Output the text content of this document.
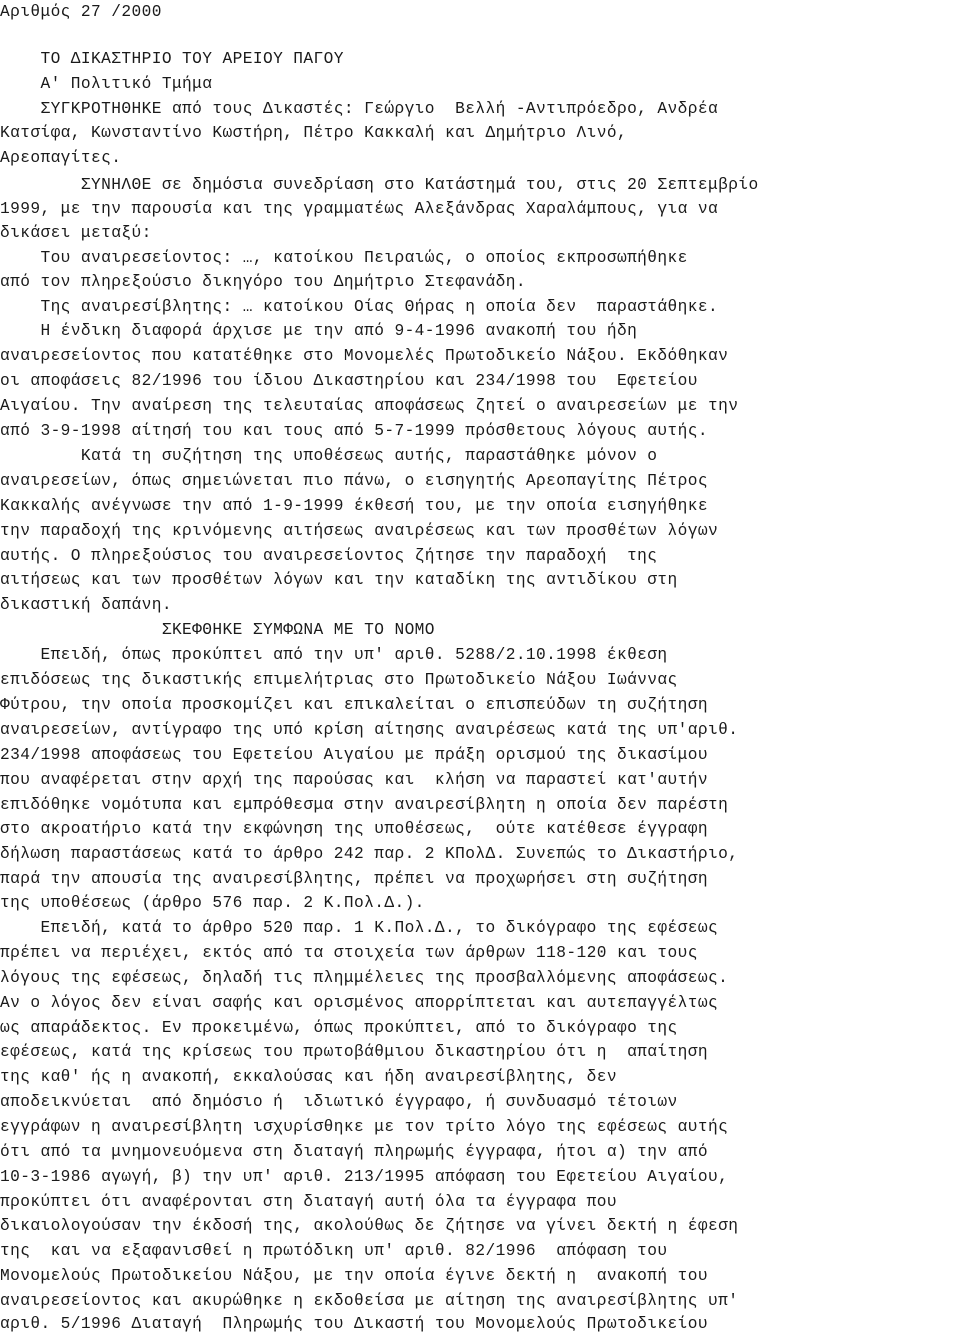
Αριθμός 27 /2000

ΤΟ ΔΙΚΑΣΤΗΡΙΟ ΤΟΥ ΑΡΕΙΟΥ ΠΑΓΟΥ

Α' Πολιτικό Τμήμα

ΣΥΓΚΡΟΤΗΘΗΚΕ από τους Δικαστές: Γεώργιο  Βελλή -Αντιπρόεδρο, Ανδρέα

Κατσίφα, Κωνσταντίνο Κωστήρη, Πέτρο Κακκαλή και Δημήτριο Λινό,

Αρεοπαγίτες.

ΣΥΝΗΛΘΕ σε δημόσια συνεδρίαση στο Κατάστημά του, στις 20 Σεπτεμβρίο

1999, με την παρουσία και της γραμματέως Αλεξάνδρας Χαραλάμπους, για να

δικάσει μεταξύ:

Του αναιρεσείοντος: …, κατοίκου Πειραιώς, ο οποίος εκπροσωπήθηκε

από τον πληρεξούσιο δικηγόρο του Δημήτριο Στεφανάδη.

Της αναιρεσίβλητης: … κατοίκου Οίας Θήρας η οποία δεν  παραστάθηκε.

Η ένδικη διαφορά άρχισε με την από 9-4-1996 ανακοπή του ήδη

αναιρεσείοντος που κατατέθηκε στο Μονομελές Πρωτοδικείο Νάξου. Εκδόθηκαν

οι αποφάσεις 82/1996 του ίδιου Δικαστηρίου και 234/1998 του  Εφετείου

Αιγαίου. Την αναίρεση της τελευταίας αποφάσεως ζητεί ο αναιρεσείων με την

από 3-9-1998 αίτησή του και τους από 5-7-1999 πρόσθετους λόγους αυτής.

Κατά τη συζήτηση της υποθέσεως αυτής, παραστάθηκε μόνον ο

αναιρεσείων, όπως σημειώνεται πιο πάνω, ο εισηγητής Αρεοπαγίτης Πέτρος

Κακκαλής ανέγνωσε την από 1-9-1999 έκθεσή του, με την οποία εισηγήθηκε

την παραδοχή της κρινόμενης αιτήσεως αναιρέσεως και των προσθέτων λόγων

αυτής. Ο πληρεξούσιος του αναιρεσείοντος ζήτησε την παραδοχή  της

αιτήσεως και των προσθέτων λόγων και την καταδίκη της αντιδίκου στη

δικαστική δαπάνη.

ΣΚΕΦΘΗΚΕ ΣΥΜΦΩΝΑ ΜΕ ΤΟ ΝΟΜΟ

Επειδή, όπως προκύπτει από την υπ' αριθ. 5288/2.10.1998 έκθεση

επιδόσεως της δικαστικής επιμελήτριας στο Πρωτοδικείο Νάξου Ιωάννας

Φύτρου, την οποία προσκομίζει και επικαλείται ο επισπεύδων τη συζήτηση

αναιρεσείων, αντίγραφο της υπό κρίση αίτησης αναιρέσεως κατά της υπ'αριθ.

234/1998 αποφάσεως του Εφετείου Αιγαίου με πράξη ορισμού της δικασίμου

που αναφέρεται στην αρχή της παρούσας και  κλήση να παραστεί κατ'αυτήν

επιδόθηκε νομότυπα και εμπρόθεσμα στην αναιρεσίβλητη η οποία δεν παρέστη

στο ακροατήριο κατά την εκφώνηση της υποθέσεως,  ούτε κατέθεσε έγγραφη

δήλωση παραστάσεως κατά το άρθρο 242 παρ. 2 ΚΠολΔ. Συνεπώς το Δικαστήριο,

παρά την απουσία της αναιρεσίβλητης, πρέπει να προχωρήσει στη συζήτηση

της υποθέσεως (άρθρο 576 παρ. 2 Κ.Πολ.Δ.).

Επειδή, κατά το άρθρο 520 παρ. 1 Κ.Πολ.Δ., το δικόγραφο της εφέσεως

πρέπει να περιέχει, εκτός από τα στοιχεία των άρθρων 118-120 και τους

λόγους της εφέσεως, δηλαδή τις πλημμέλειες της προσβαλλόμενης αποφάσεως.

Αν ο λόγος δεν είναι σαφής και ορισμένος απορρίπτεται και αυτεπαγγέλτως

ως απαράδεκτος. Εν προκειμένω, όπως προκύπτει, από το δικόγραφο της

εφέσεως, κατά της κρίσεως του πρωτοβάθμιου δικαστηρίου ότι η  απαίτηση

της καθ' ής η ανακοπή, εκκαλούσας και ήδη αναιρεσίβλητης, δεν

αποδεικνύεται  από δημόσιο ή  ιδιωτικό έγγραφο, ή συνδυασμό τέτοιων

εγγράφων η αναιρεσίβλητη ισχυρίσθηκε με τον τρίτο λόγο της εφέσεως αυτής

ότι από τα μνημονευόμενα στη διαταγή πληρωμής έγγραφα, ήτοι α) την από

10-3-1986 αγωγή, β) την υπ' αριθ. 213/1995 απόφαση του Εφετείου Αιγαίου,

προκύπτει ότι αναφέρονται στη διαταγή αυτή όλα τα έγγραφα που

δικαιολογούσαν την έκδοσή της, ακολούθως δε ζήτησε να γίνει δεκτή η έφεση

της  και να εξαφανισθεί η πρωτόδικη υπ' αριθ. 82/1996  απόφαση του

Μονομελούς Πρωτοδικείου Νάξου, με την οποία έγινε δεκτή η  ανακοπή του

αναιρεσείοντος και ακυρώθηκε η εκδοθείσα με αίτηση της αναιρεσίβλητης υπ'

αριθ. 5/1996 Διαταγή  Πληρωμής του Δικαστή του Μονομελούς Πρωτοδικείου
